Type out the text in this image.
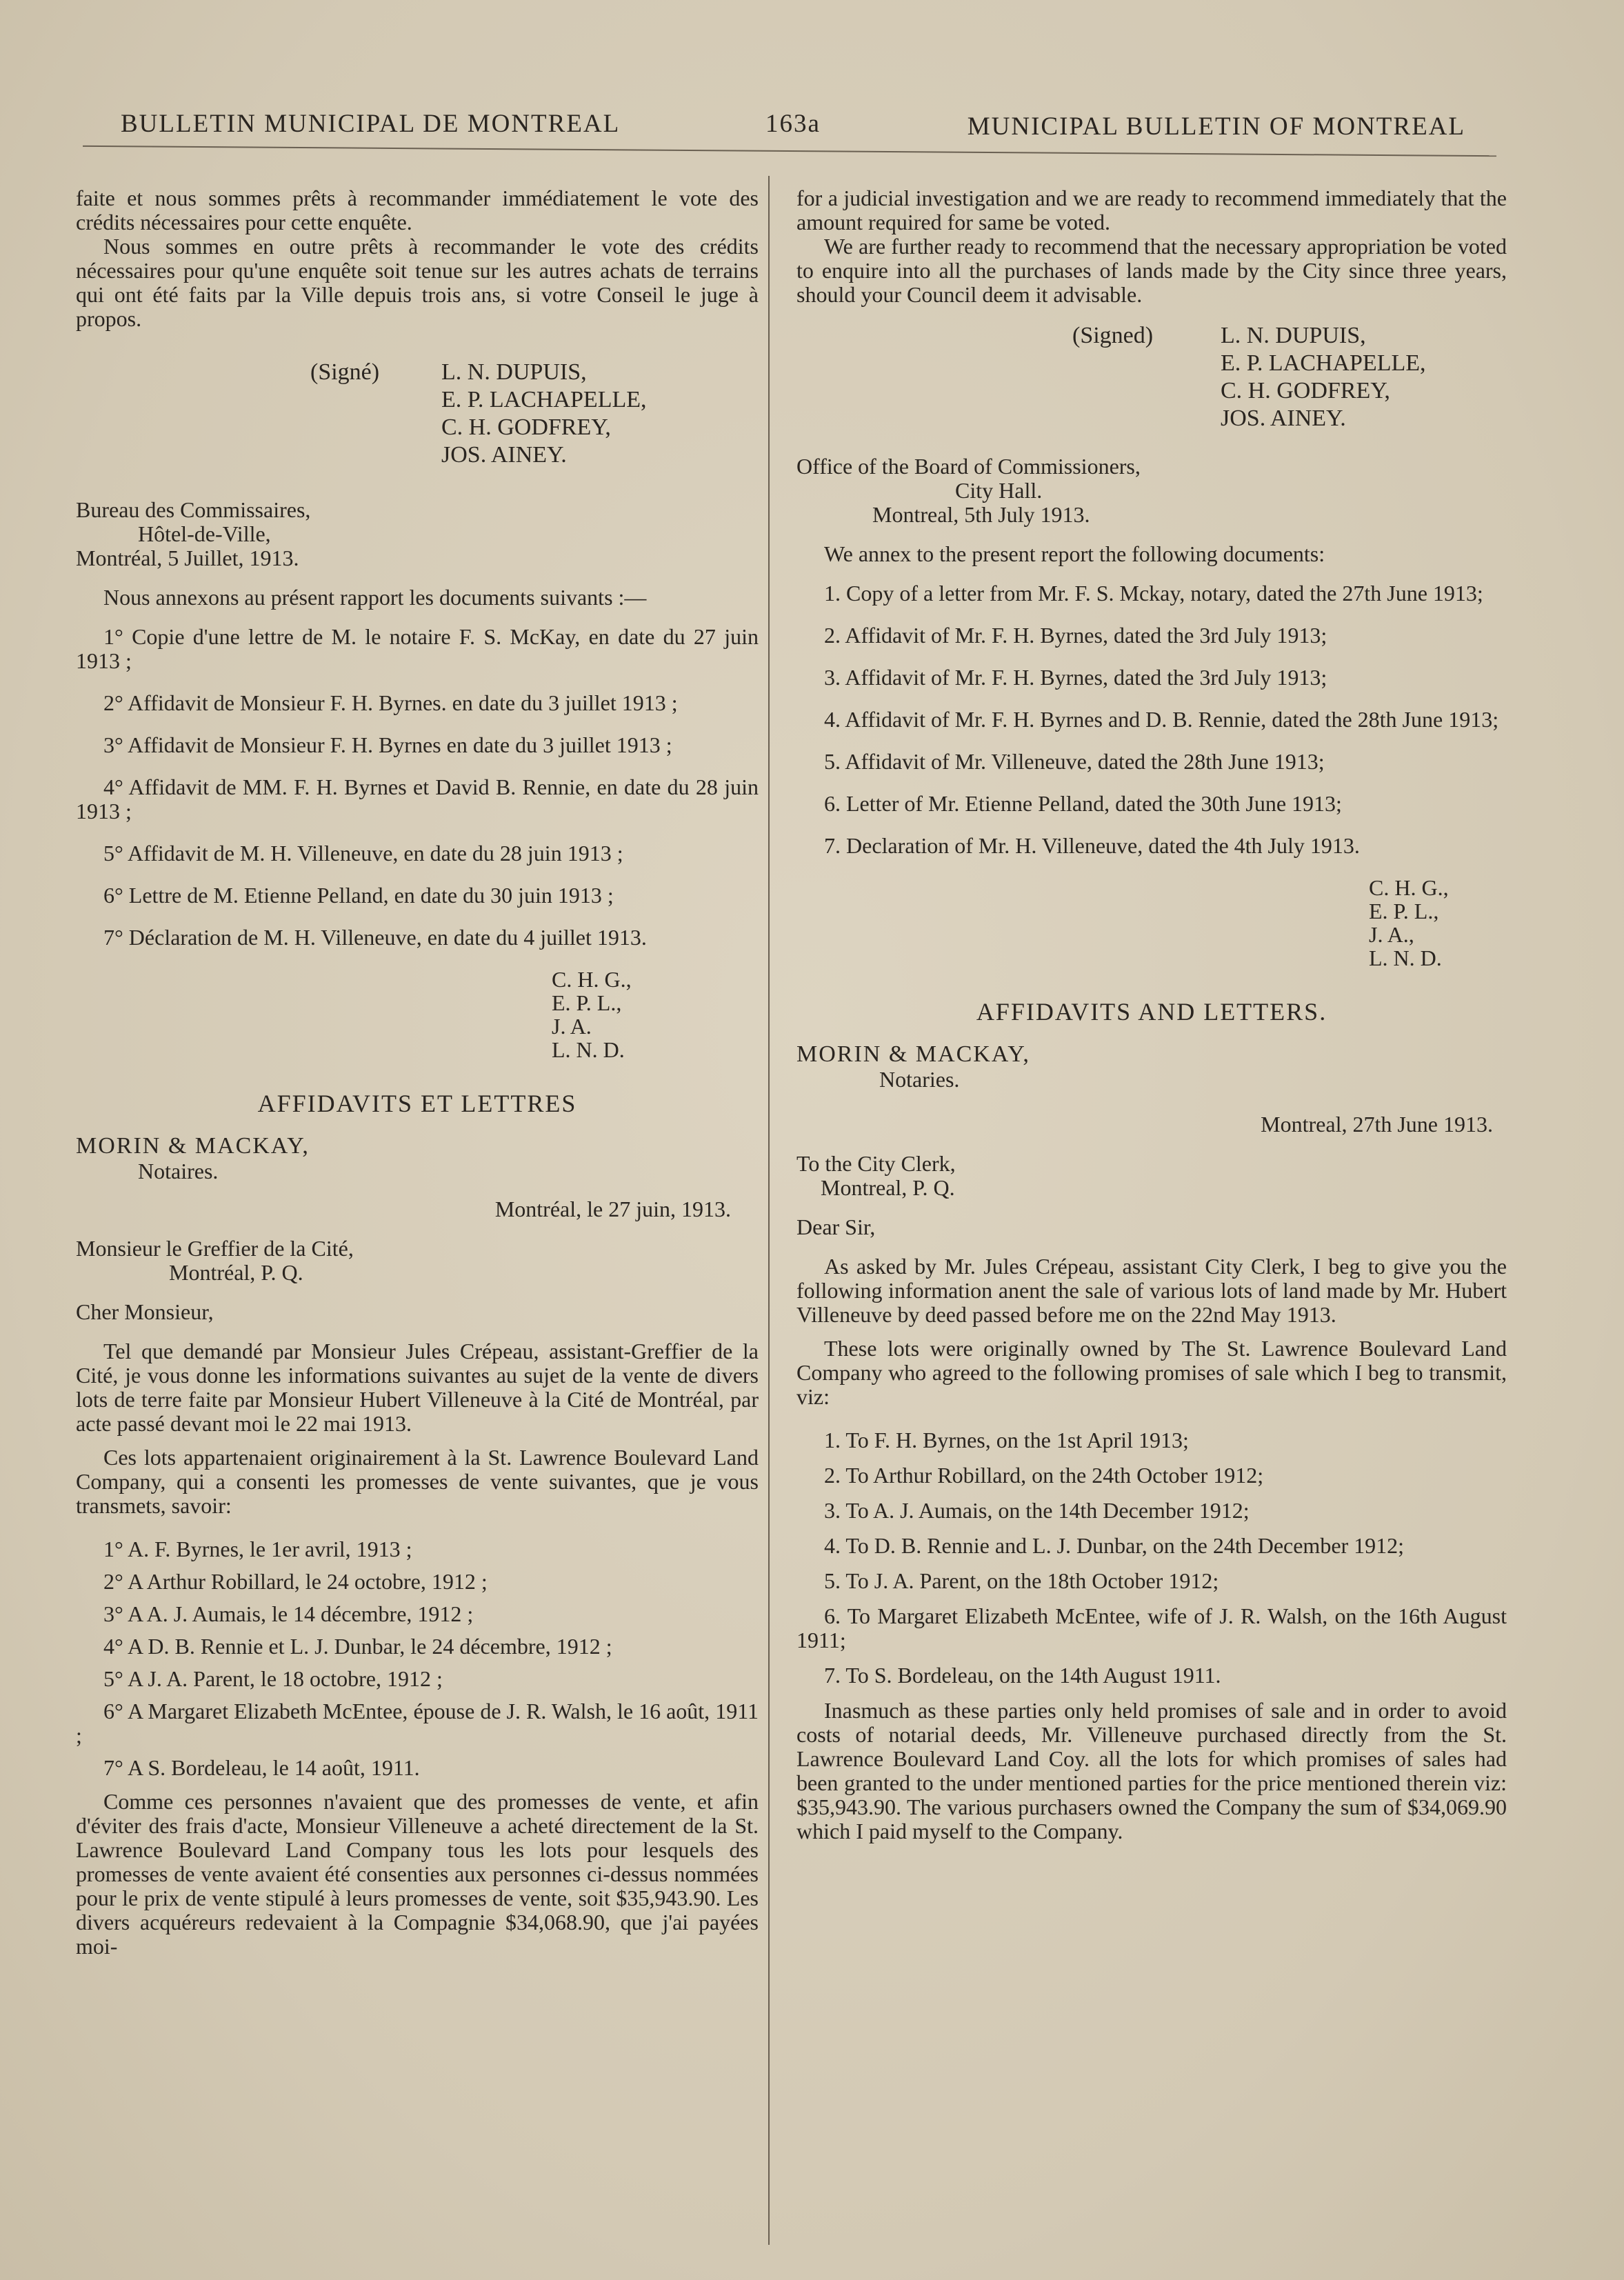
BULLETIN MUNICIPAL DE MONTREAL	163a	MUNICIPAL BULLETIN OF MONTREAL

faite et nous sommes prêts à recommander immédiatement le vote des crédits nécessaires pour cette enquête.

Nous sommes en outre prêts à recommander le vote des crédits nécessaires pour qu'une enquête soit tenue sur les autres achats de terrains qui ont été faits par la Ville depuis trois ans, si votre Conseil le juge à propos.

(Signé)	L. N. DUPUIS,
E. P. LACHAPELLE,
C. H. GODFREY,
JOS. AINEY.
Bureau des Commissaires,
Hôtel-de-Ville,
Montréal, 5 Juillet, 1913.

Nous annexons au présent rapport les documents suivants :—

1° Copie d'une lettre de M. le notaire F. S. McKay, en date du 27 juin 1913 ;
2° Affidavit de Monsieur F. H. Byrnes. en date du 3 juillet 1913 ;
3° Affidavit de Monsieur F. H. Byrnes en date du 3 juillet 1913 ;
4° Affidavit de MM. F. H. Byrnes et David B. Rennie, en date du 28 juin 1913 ;
5° Affidavit de M. H. Villeneuve, en date du 28 juin 1913 ;
6° Lettre de M. Etienne Pelland, en date du 30 juin 1913 ;
7° Déclaration de M. H. Villeneuve, en date du 4 juillet 1913.
C. H. G.,
E. P. L.,
J. A.
L. N. D.
AFFIDAVITS ET LETTRES
MORIN & MACKAY,
Notaires.
Montréal, le 27 juin, 1913.
Monsieur le Greffier de la Cité,
Montréal, P. Q.
Cher Monsieur,

Tel que demandé par Monsieur Jules Crépeau, assistant-Greffier de la Cité, je vous donne les informations suivantes au sujet de la vente de divers lots de terre faite par Monsieur Hubert Villeneuve à la Cité de Montréal, par acte passé devant moi le 22 mai 1913.

Ces lots appartenaient originairement à la St. Lawrence Boulevard Land Company, qui a consenti les promesses de vente suivantes, que je vous transmets, savoir:

1° A. F. Byrnes, le 1er avril, 1913 ;
2° A Arthur Robillard, le 24 octobre, 1912 ;
3° A A. J. Aumais, le 14 décembre, 1912 ;
4° A D. B. Rennie et L. J. Dunbar, le 24 décembre, 1912 ;
5° A J. A. Parent, le 18 octobre, 1912 ;
6° A Margaret Elizabeth McEntee, épouse de J. R. Walsh, le 16 août, 1911 ;
7° A S. Bordeleau, le 14 août, 1911.

Comme ces personnes n'avaient que des promesses de vente, et afin d'éviter des frais d'acte, Monsieur Villeneuve a acheté directement de la St. Lawrence Boulevard Land Company tous les lots pour lesquels des promesses de vente avaient été consenties aux personnes ci-dessus nommées pour le prix de vente stipulé à leurs promesses de vente, soit $35,943.90. Les divers acquéreurs redevaient à la Compagnie $34,068.90, que j'ai payées moi-

for a judicial investigation and we are ready to recommend immediately that the amount required for same be voted.

We are further ready to recommend that the necessary appropriation be voted to enquire into all the purchases of lands made by the City since three years, should your Council deem it advisable.

(Signed)	L. N. DUPUIS,
E. P. LACHAPELLE,
C. H. GODFREY,
JOS. AINEY.
Office of the Board of Commissioners,
City Hall.
Montreal, 5th July 1913.

We annex to the present report the following documents:

1. Copy of a letter from Mr. F. S. Mckay, notary, dated the 27th June 1913;
2. Affidavit of Mr. F. H. Byrnes, dated the 3rd July 1913;
3. Affidavit of Mr. F. H. Byrnes, dated the 3rd July 1913;
4. Affidavit of Mr. F. H. Byrnes and D. B. Rennie, dated the 28th June 1913;
5. Affidavit of Mr. Villeneuve, dated the 28th June 1913;
6. Letter of Mr. Etienne Pelland, dated the 30th June 1913;
7. Declaration of Mr. H. Villeneuve, dated the 4th July 1913.
C. H. G.,
E. P. L.,
J. A.,
L. N. D.
AFFIDAVITS AND LETTERS.
MORIN & MACKAY,
Notaries.
Montreal, 27th June 1913.
To the City Clerk,
Montreal, P. Q.
Dear Sir,

As asked by Mr. Jules Crépeau, assistant City Clerk, I beg to give you the following information anent the sale of various lots of land made by Mr. Hubert Villeneuve by deed passed before me on the 22nd May 1913.

These lots were originally owned by The St. Lawrence Boulevard Land Company who agreed to the following promises of sale which I beg to transmit, viz:

1. To F. H. Byrnes, on the 1st April 1913;
2. To Arthur Robillard, on the 24th October 1912;
3. To A. J. Aumais, on the 14th December 1912;
4. To D. B. Rennie and L. J. Dunbar, on the 24th December 1912;
5. To J. A. Parent, on the 18th October 1912;
6. To Margaret Elizabeth McEntee, wife of J. R. Walsh, on the 16th August 1911;
7. To S. Bordeleau, on the 14th August 1911.

Inasmuch as these parties only held promises of sale and in order to avoid costs of notarial deeds, Mr. Villeneuve purchased directly from the St. Lawrence Boulevard Land Coy. all the lots for which promises of sales had been granted to the under mentioned parties for the price mentioned therein viz: $35,943.90. The various purchasers owned the Company the sum of $34,069.90 which I paid myself to the Company.
